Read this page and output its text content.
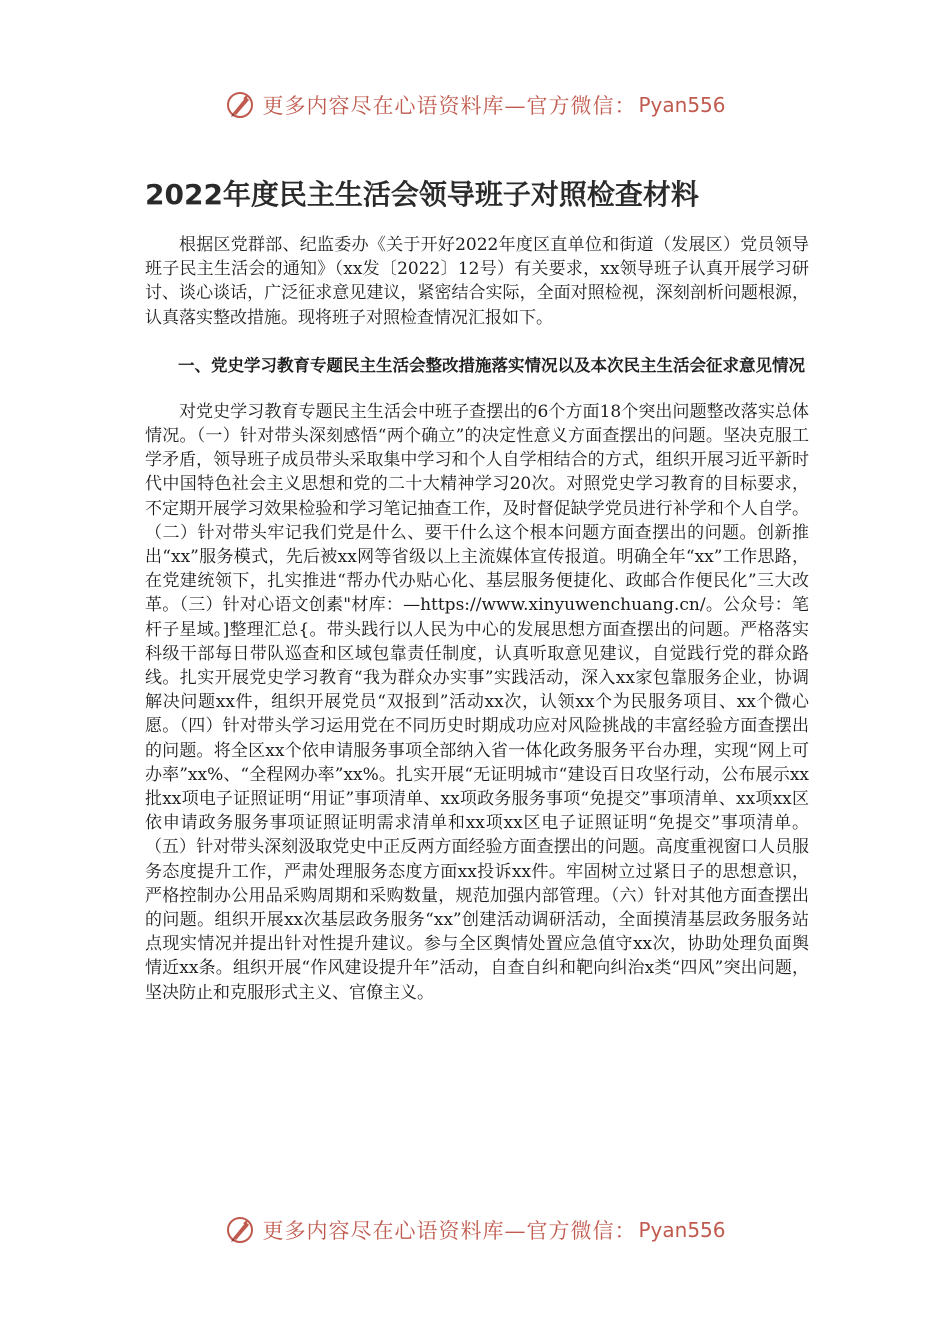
更多内容尽在心语资料库—官方微信： Pyan556
2022年度民主生活会领导班子对照检查材料

根据区党群部、纪监委办《关于开好2022年度区直单位和街道（发展区）党员领导班子民主生活会的通知》（xx发〔2022〕12号）有关要求，xx领导班子认真开展学习研讨、谈心谈话，广泛征求意见建议，紧密结合实际，全面对照检视，深刻剖析问题根源，认真落实整改措施。现将班子对照检查情况汇报如下。

一、党史学习教育专题民主生活会整改措施落实情况以及本次民主生活会征求意见情况

对党史学习教育专题民主生活会中班子查摆出的6个方面18个突出问题整改落实总体情况。（一）针对带头深刻感悟“两个确立”的决定性意义方面查摆出的问题。坚决克服工学矛盾，领导班子成员带头采取集中学习和个人自学相结合的方式，组织开展习近平新时代中国特色社会主义思想和党的二十大精神学习20次。对照党史学习教育的目标要求，不定期开展学习效果检验和学习笔记抽查工作，及时督促缺学党员进行补学和个人自学。（二）针对带头牢记我们党是什么、要干什么这个根本问题方面查摆出的问题。创新推出“xx”服务模式，先后被xx网等省级以上主流媒体宣传报道。明确全年“xx”工作思路，在党建统领下，扎实推进“帮办代办贴心化、基层服务便捷化、政邮合作便民化”三大改革。（三）针对心语文创素"材库：—https://www.xinyuwenchuang.cn/。公众号：笔杆子星域。]整理汇总{。带头践行以人民为中心的发展思想方面查摆出的问题。严格落实科级干部每日带队巡查和区域包靠责任制度，认真听取意见建议，自觉践行党的群众路线。扎实开展党史学习教育“我为群众办实事”实践活动，深入xx家包靠服务企业，协调解决问题xx件，组织开展党员“双报到”活动xx次，认领xx个为民服务项目、xx个微心愿。（四）针对带头学习运用党在不同历史时期成功应对风险挑战的丰富经验方面查摆出的问题。将全区xx个依申请服务事项全部纳入省一体化政务服务平台办理，实现“网上可办率”xx%、“全程网办率”xx%。扎实开展“无证明城市“建设百日攻坚行动，公布展示xx批xx项电子证照证明“用证”事项清单、xx项政务服务事项“免提交”事项清单、xx项xx区依申请政务服务事项证照证明需求清单和xx项xx区电子证照证明“免提交”事项清单。（五）针对带头深刻汲取党史中正反两方面经验方面查摆出的问题。高度重视窗口人员服务态度提升工作，严肃处理服务态度方面xx投诉xx件。牢固树立过紧日子的思想意识，严格控制办公用品采购周期和采购数量，规范加强内部管理。（六）针对其他方面查摆出的问题。组织开展xx次基层政务服务“xx”创建活动调研活动，全面摸清基层政务服务站点现实情况并提出针对性提升建议。参与全区舆情处置应急值守xx次，协助处理负面舆情近xx条。组织开展“作风建设提升年”活动，自查自纠和靶向纠治x类“四风”突出问题，坚决防止和克服形式主义、官僚主义。

更多内容尽在心语资料库—官方微信： Pyan556
